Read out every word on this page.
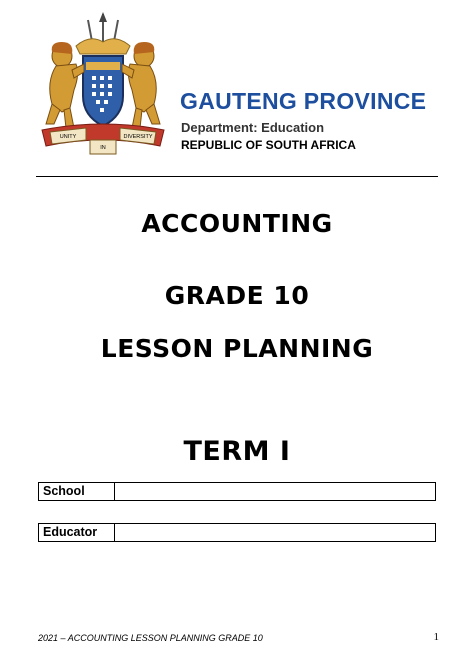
UNITY
IN
DIVERSITY
GAUTENG PROVINCE
Department: Education
REPUBLIC OF SOUTH AFRICA
ACCOUNTING
GRADE 10
LESSON PLANNING
TERM I
School
Educator
2021 – ACCOUNTING LESSON PLANNING GRADE 10	1
